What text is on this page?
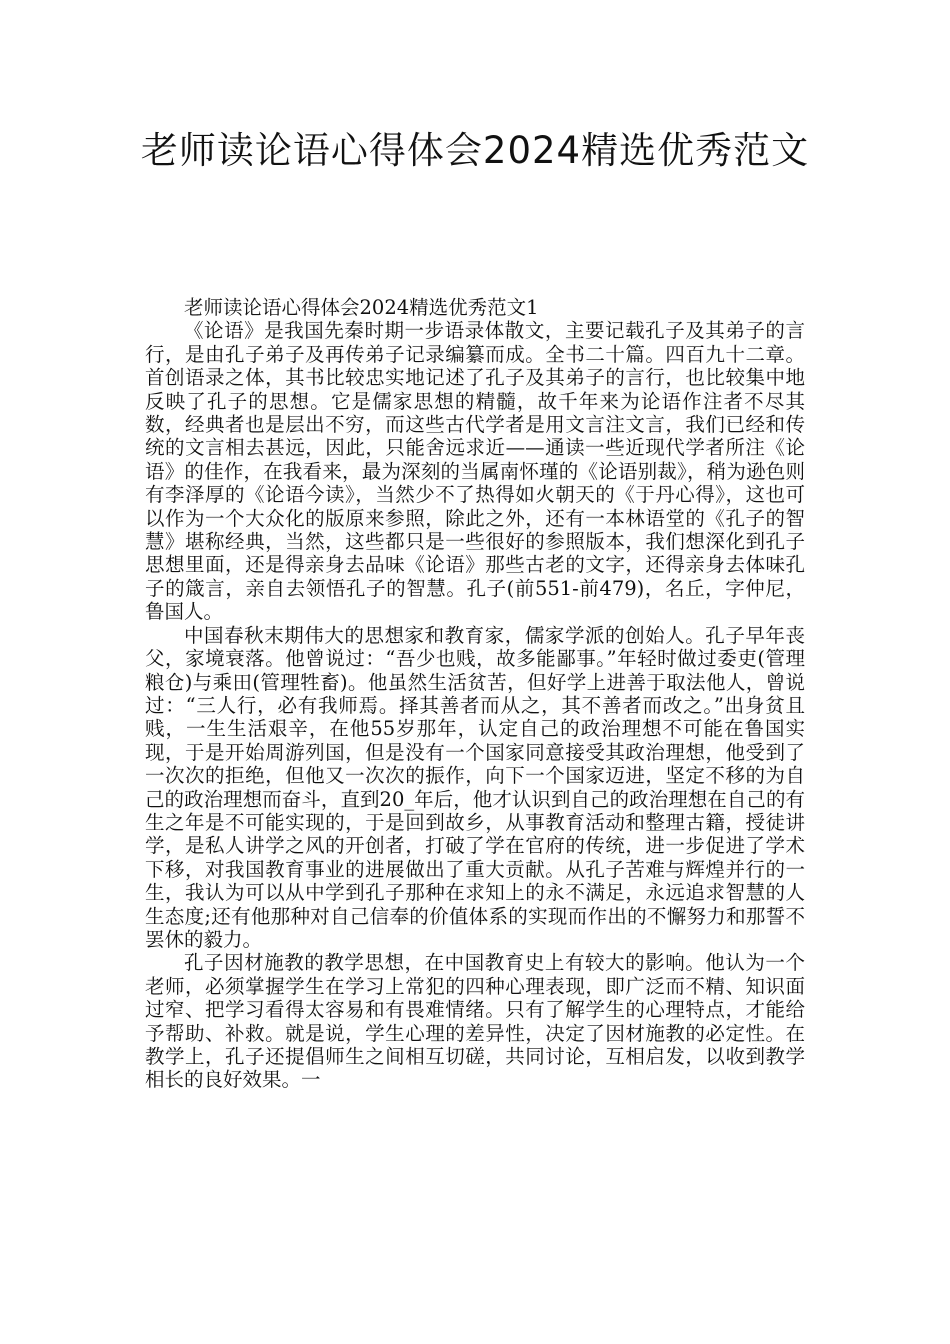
老师读论语心得体会2024精选优秀范文

老师读论语心得体会2024精选优秀范文1

《论语》是我国先秦时期一步语录体散文，主要记载孔子及其弟子的言行，是由孔子弟子及再传弟子记录编纂而成。全书二十篇。四百九十二章。首创语录之体，其书比较忠实地记述了孔子及其弟子的言行，也比较集中地反映了孔子的思想。它是儒家思想的精髓，故千年来为论语作注者不尽其数，经典者也是层出不穷，而这些古代学者是用文言注文言，我们已经和传统的文言相去甚远，因此，只能舍远求近——通读一些近现代学者所注《论语》的佳作，在我看来，最为深刻的当属南怀瑾的《论语别裁》，稍为逊色则有李泽厚的《论语今读》，当然少不了热得如火朝天的《于丹心得》，这也可以作为一个大众化的版原来参照，除此之外，还有一本林语堂的《孔子的智慧》堪称经典，当然，这些都只是一些很好的参照版本，我们想深化到孔子思想里面，还是得亲身去品味《论语》那些古老的文字，还得亲身去体味孔子的箴言，亲自去领悟孔子的智慧。孔子(前551-前479)，名丘，字仲尼，鲁国人。

中国春秋末期伟大的思想家和教育家，儒家学派的创始人。孔子早年丧父，家境衰落。他曾说过：“吾少也贱，故多能鄙事。”年轻时做过委吏(管理粮仓)与乘田(管理牲畜)。他虽然生活贫苦，但好学上进善于取法他人，曾说过：“三人行，必有我师焉。择其善者而从之，其不善者而改之。”出身贫且贱，一生生活艰辛，在他55岁那年，认定自己的政治理想不可能在鲁国实现，于是开始周游列国，但是没有一个国家同意接受其政治理想，他受到了一次次的拒绝，但他又一次次的振作，向下一个国家迈进，坚定不移的为自己的政治理想而奋斗，直到20_年后，他才认识到自己的政治理想在自己的有生之年是不可能实现的，于是回到故乡，从事教育活动和整理古籍，授徒讲学，是私人讲学之风的开创者，打破了学在官府的传统，进一步促进了学术下移，对我国教育事业的进展做出了重大贡献。从孔子苦难与辉煌并行的一生，我认为可以从中学到孔子那种在求知上的永不满足，永远追求智慧的人生态度;还有他那种对自己信奉的价值体系的实现而作出的不懈努力和那誓不罢休的毅力。

孔子因材施教的教学思想，在中国教育史上有较大的影响。他认为一个老师，必须掌握学生在学习上常犯的四种心理表现，即广泛而不精、知识面过窄、把学习看得太容易和有畏难情绪。只有了解学生的心理特点，才能给予帮助、补救。就是说，学生心理的差异性，决定了因材施教的必定性。在教学上，孔子还提倡师生之间相互切磋，共同讨论，互相启发，以收到教学相长的良好效果。一
